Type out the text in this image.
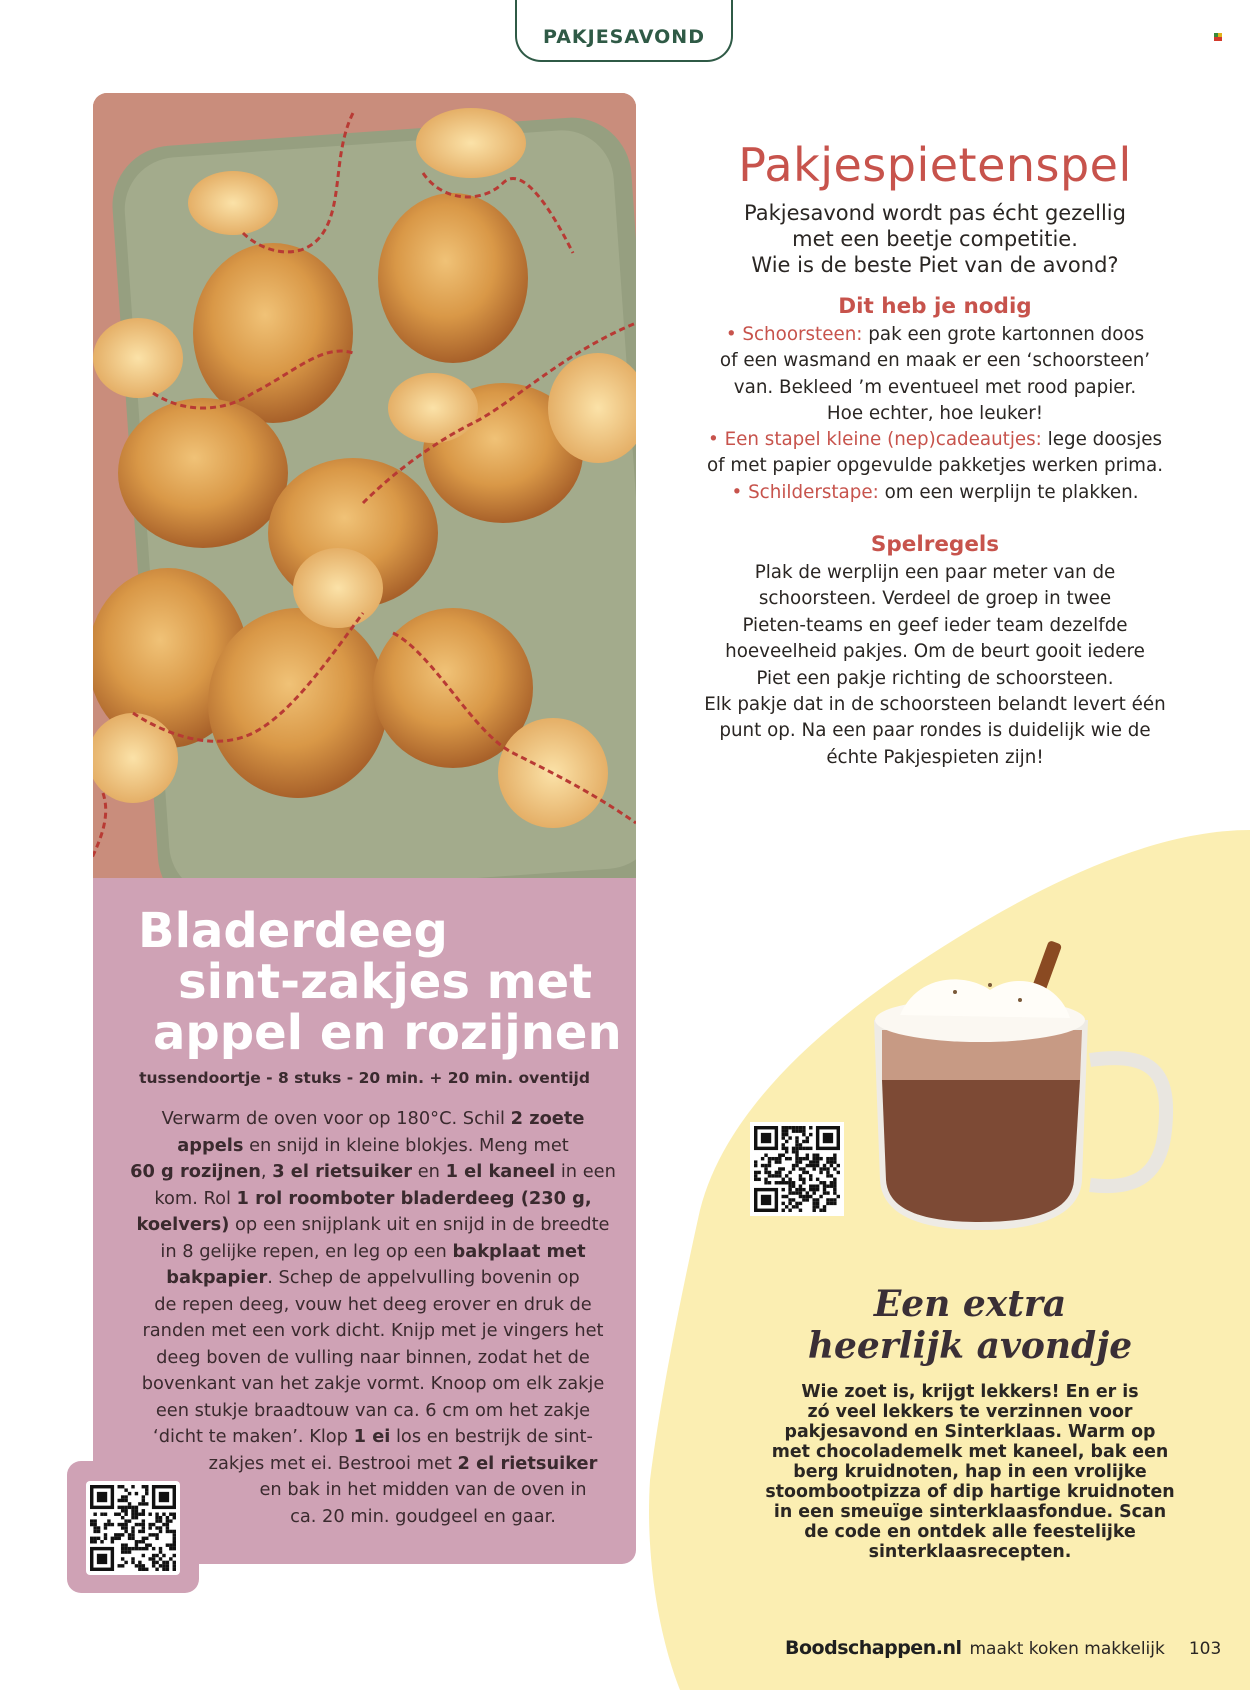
PAKJESAVOND
Bladerdeeg
sint-zakjes met
appel en rozijnen
tussendoortje - 8 stuks - 20 min. + 20 min. oventijd
Verwarm de oven voor op 180°C. Schil 2 zoete
appels en snijd in kleine blokjes. Meng met
60 g rozijnen, 3 el rietsuiker en 1 el kaneel in een
kom. Rol 1 rol roomboter bladerdeeg (230 g,
koelvers) op een snijplank uit en snijd in de breedte
in 8 gelijke repen, en leg op een bakplaat met
bakpapier. Schep de appelvulling bovenin op
de repen deeg, vouw het deeg erover en druk de
randen met een vork dicht. Knijp met je vingers het
deeg boven de vulling naar binnen, zodat het de
bovenkant van het zakje vormt. Knoop om elk zakje
een stukje braadtouw van ca. 6 cm om het zakje
‘dicht te maken’. Klop 1 ei los en bestrijk de sint-
zakjes met ei. Bestrooi met 2 el rietsuiker
en bak in het midden van de oven in
ca. 20 min. goudgeel en gaar.
Pakjespietenspel
Pakjesavond wordt pas écht gezellig
met een beetje competitie.
Wie is de beste Piet van de avond?
Dit heb je nodig
• Schoorsteen: pak een grote kartonnen doos
of een wasmand en maak er een ‘schoorsteen’
van. Bekleed ’m eventueel met rood papier.
Hoe echter, hoe leuker!
• Een stapel kleine (nep)cadeautjes: lege doosjes
of met papier opgevulde pakketjes werken prima.
• Schilderstape: om een werplijn te plakken.
Spelregels
Plak de werplijn een paar meter van de
schoorsteen. Verdeel de groep in twee
Pieten-teams en geef ieder team dezelfde
hoeveelheid pakjes. Om de beurt gooit iedere
Piet een pakje richting de schoorsteen.
Elk pakje dat in de schoorsteen belandt levert één
punt op. Na een paar rondes is duidelijk wie de
échte Pakjespieten zijn!
Een extra
heerlijk avondje
Wie zoet is, krijgt lekkers! En er is
zó veel lekkers te verzinnen voor
pakjesavond en Sinterklaas. Warm op
met chocolademelk met kaneel, bak een
berg kruidnoten, hap in een vrolijke
stoombootpizza of dip hartige kruidnoten
in een smeuïge sinterklaasfondue. Scan
de code en ontdek alle feestelijke
sinterklaasrecepten.
Boodschappen.nl maakt koken makkelijk 103
